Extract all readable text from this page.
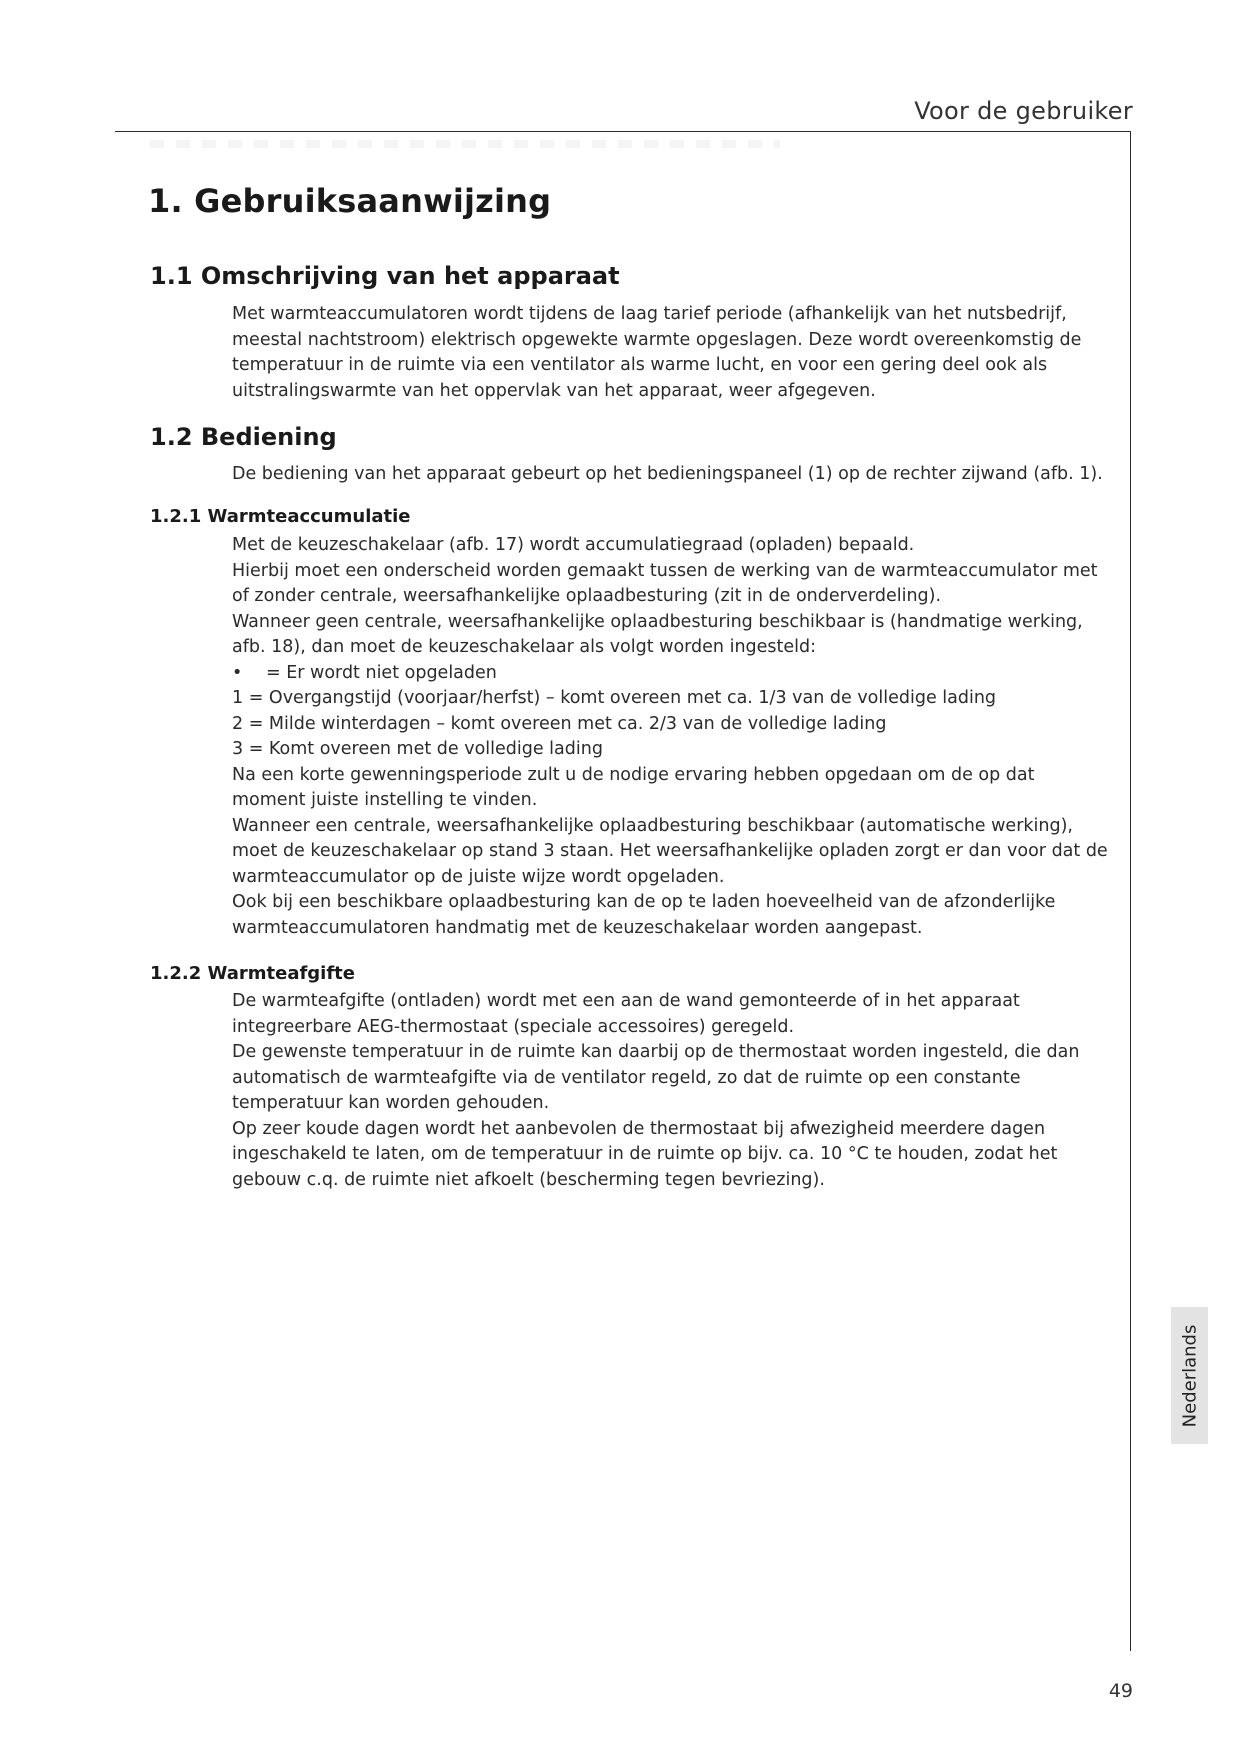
Voor de gebruiker
1. Gebruiksaanwijzing
1.1 Omschrijving van het apparaat
Met warmteaccumulatoren wordt tijdens de laag tarief periode (afhankelijk van het nutsbedrijf,
meestal nachtstroom) elektrisch opgewekte warmte opgeslagen. Deze wordt overeenkomstig de
temperatuur in de ruimte via een ventilator als warme lucht, en voor een gering deel ook als
uitstralingswarmte van het oppervlak van het apparaat, weer afgegeven.
1.2 Bediening
De bediening van het apparaat gebeurt op het bedieningspaneel (1) op de rechter zijwand (afb. 1).
1.2.1 Warmteaccumulatie
Met de keuzeschakelaar (afb. 17) wordt accumulatiegraad (opladen) bepaald.
Hierbij moet een onderscheid worden gemaakt tussen de werking van de warmteaccumulator met
of zonder centrale, weersafhankelijke oplaadbesturing (zit in de onderverdeling).
Wanneer geen centrale, weersafhankelijke oplaadbesturing beschikbaar is (handmatige werking,
afb. 18), dan moet de keuzeschakelaar als volgt worden ingesteld:
• = Er wordt niet opgeladen
1 = Overgangstijd (voorjaar/herfst) – komt overeen met ca. 1/3 van de volledige lading
2 = Milde winterdagen – komt overeen met ca. 2/3 van de volledige lading
3 = Komt overeen met de volledige lading
Na een korte gewenningsperiode zult u de nodige ervaring hebben opgedaan om de op dat
moment juiste instelling te vinden.
Wanneer een centrale, weersafhankelijke oplaadbesturing beschikbaar (automatische werking),
moet de keuzeschakelaar op stand 3 staan. Het weersafhankelijke opladen zorgt er dan voor dat de
warmteaccumulator op de juiste wijze wordt opgeladen.
Ook bij een beschikbare oplaadbesturing kan de op te laden hoeveelheid van de afzonderlijke
warmteaccumulatoren handmatig met de keuzeschakelaar worden aangepast.
1.2.2 Warmteafgifte
De warmteafgifte (ontladen) wordt met een aan de wand gemonteerde of in het apparaat
integreerbare AEG-thermostaat (speciale accessoires) geregeld.
De gewenste temperatuur in de ruimte kan daarbij op de thermostaat worden ingesteld, die dan
automatisch de warmteafgifte via de ventilator regeld, zo dat de ruimte op een constante
temperatuur kan worden gehouden.
Op zeer koude dagen wordt het aanbevolen de thermostaat bij afwezigheid meerdere dagen
ingeschakeld te laten, om de temperatuur in de ruimte op bijv. ca. 10 °C te houden, zodat het
gebouw c.q. de ruimte niet afkoelt (bescherming tegen bevriezing).
Nederlands
49
